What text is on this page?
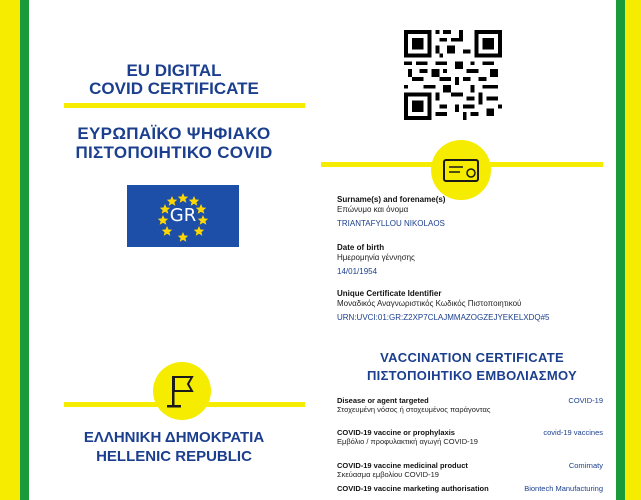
EU DIGITAL
COVID CERTIFICATE
ΕΥΡΩΠΑΪΚΟ ΨΗΦΙΑΚΟ
ΠΙΣΤΟΠΟΙΗΤΙΚΟ COVID
GR
ΕΛΛΗΝΙΚΗ ΔΗΜΟΚΡΑΤΙΑ
HELLENIC REPUBLIC
Surname(s) and forename(s)
Επώνυμο και όνομα
TRIANTAFYLLOU NIKOLAOS
Date of birth
Ημερομηνία γέννησης
14/01/1954
Unique Certificate Identifier
Μοναδικός Αναγνωριστικός Κωδικός Πιστοποιητικού
URN:UVCI:01:GR:Z2XP7CLAJMMAZOGZEJYEKELXDQ#5
VACCINATION CERTIFICATE
ΠΙΣΤΟΠΟΙΗΤΙΚΟ ΕΜΒΟΛΙΑΣΜΟΥ
Disease or agent targeted
Στοχευμένη νόσος ή στοχευμένος παράγοντας
COVID-19
COVID-19 vaccine or prophylaxis
Εμβόλιο / προφυλακτική αγωγή COVID-19
covid-19 vaccines
COVID-19 vaccine medicinal product
Σκεύασμα εμβολίου COVID-19
Comirnaty
COVID-19 vaccine marketing authorisation	Biontech Manufacturing
